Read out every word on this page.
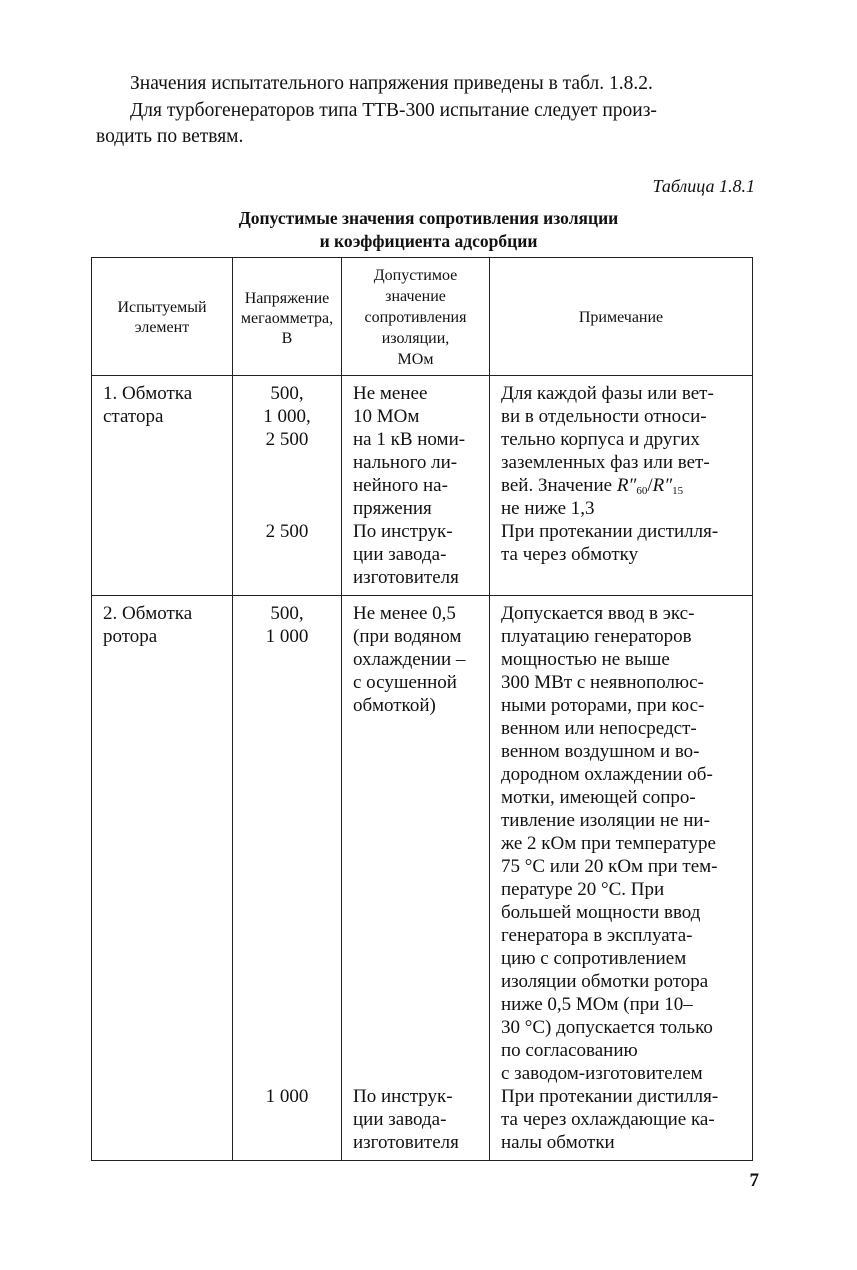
Значения испытательного напряжения приведены в табл. 1.8.2.
Для турбогенераторов типа ТТВ-300 испытание следует произ-
водить по ветвям.
Таблица 1.8.1
Допустимые значения сопротивления изоляции
и коэффициента адсорбции
Испытуемый
элемент
Напряжение
мегаомметра,
В
Допустимое
значение
сопротивления
изоляции,
МОм
Примечание
1. Обмотка
статора
500,
1 000,
2 500
2 500
Не менее
10 МОм
на 1 кВ номи-
нального ли-
нейного на-
пряжения
По инструк-
ции завода-
изготовителя
Для каждой фазы или вет-
ви в отдельности относи-
тельно корпуса и других
заземленных фаз или вет-
вей. Значение $R''_{60}/R''_{15}$
не ниже 1,3
При протекании дистилля-
та через обмотку
2. Обмотка
ротора
500,
1 000
1 000
Не менее 0,5
(при водяном
охлаждении –
с осушенной
обмоткой)
По инструк-
ции завода-
изготовителя
Допускается ввод в экс-
плуатацию генераторов
мощностью не выше
300 МВт с неявнополюс-
ными роторами, при кос-
венном или непосредст-
венном воздушном и во-
дородном охлаждении об-
мотки, имеющей сопро-
тивление изоляции не ни-
же 2 кОм при температуре
75 °С или 20 кОм при тем-
пературе 20 °С. При
большей мощности ввод
генератора в эксплуата-
цию с сопротивлением
изоляции обмотки ротора
ниже 0,5 МОм (при 10–
30 °С) допускается только
по согласованию
с заводом-изготовителем
При протекании дистилля-
та через охлаждающие ка-
налы обмотки
7
